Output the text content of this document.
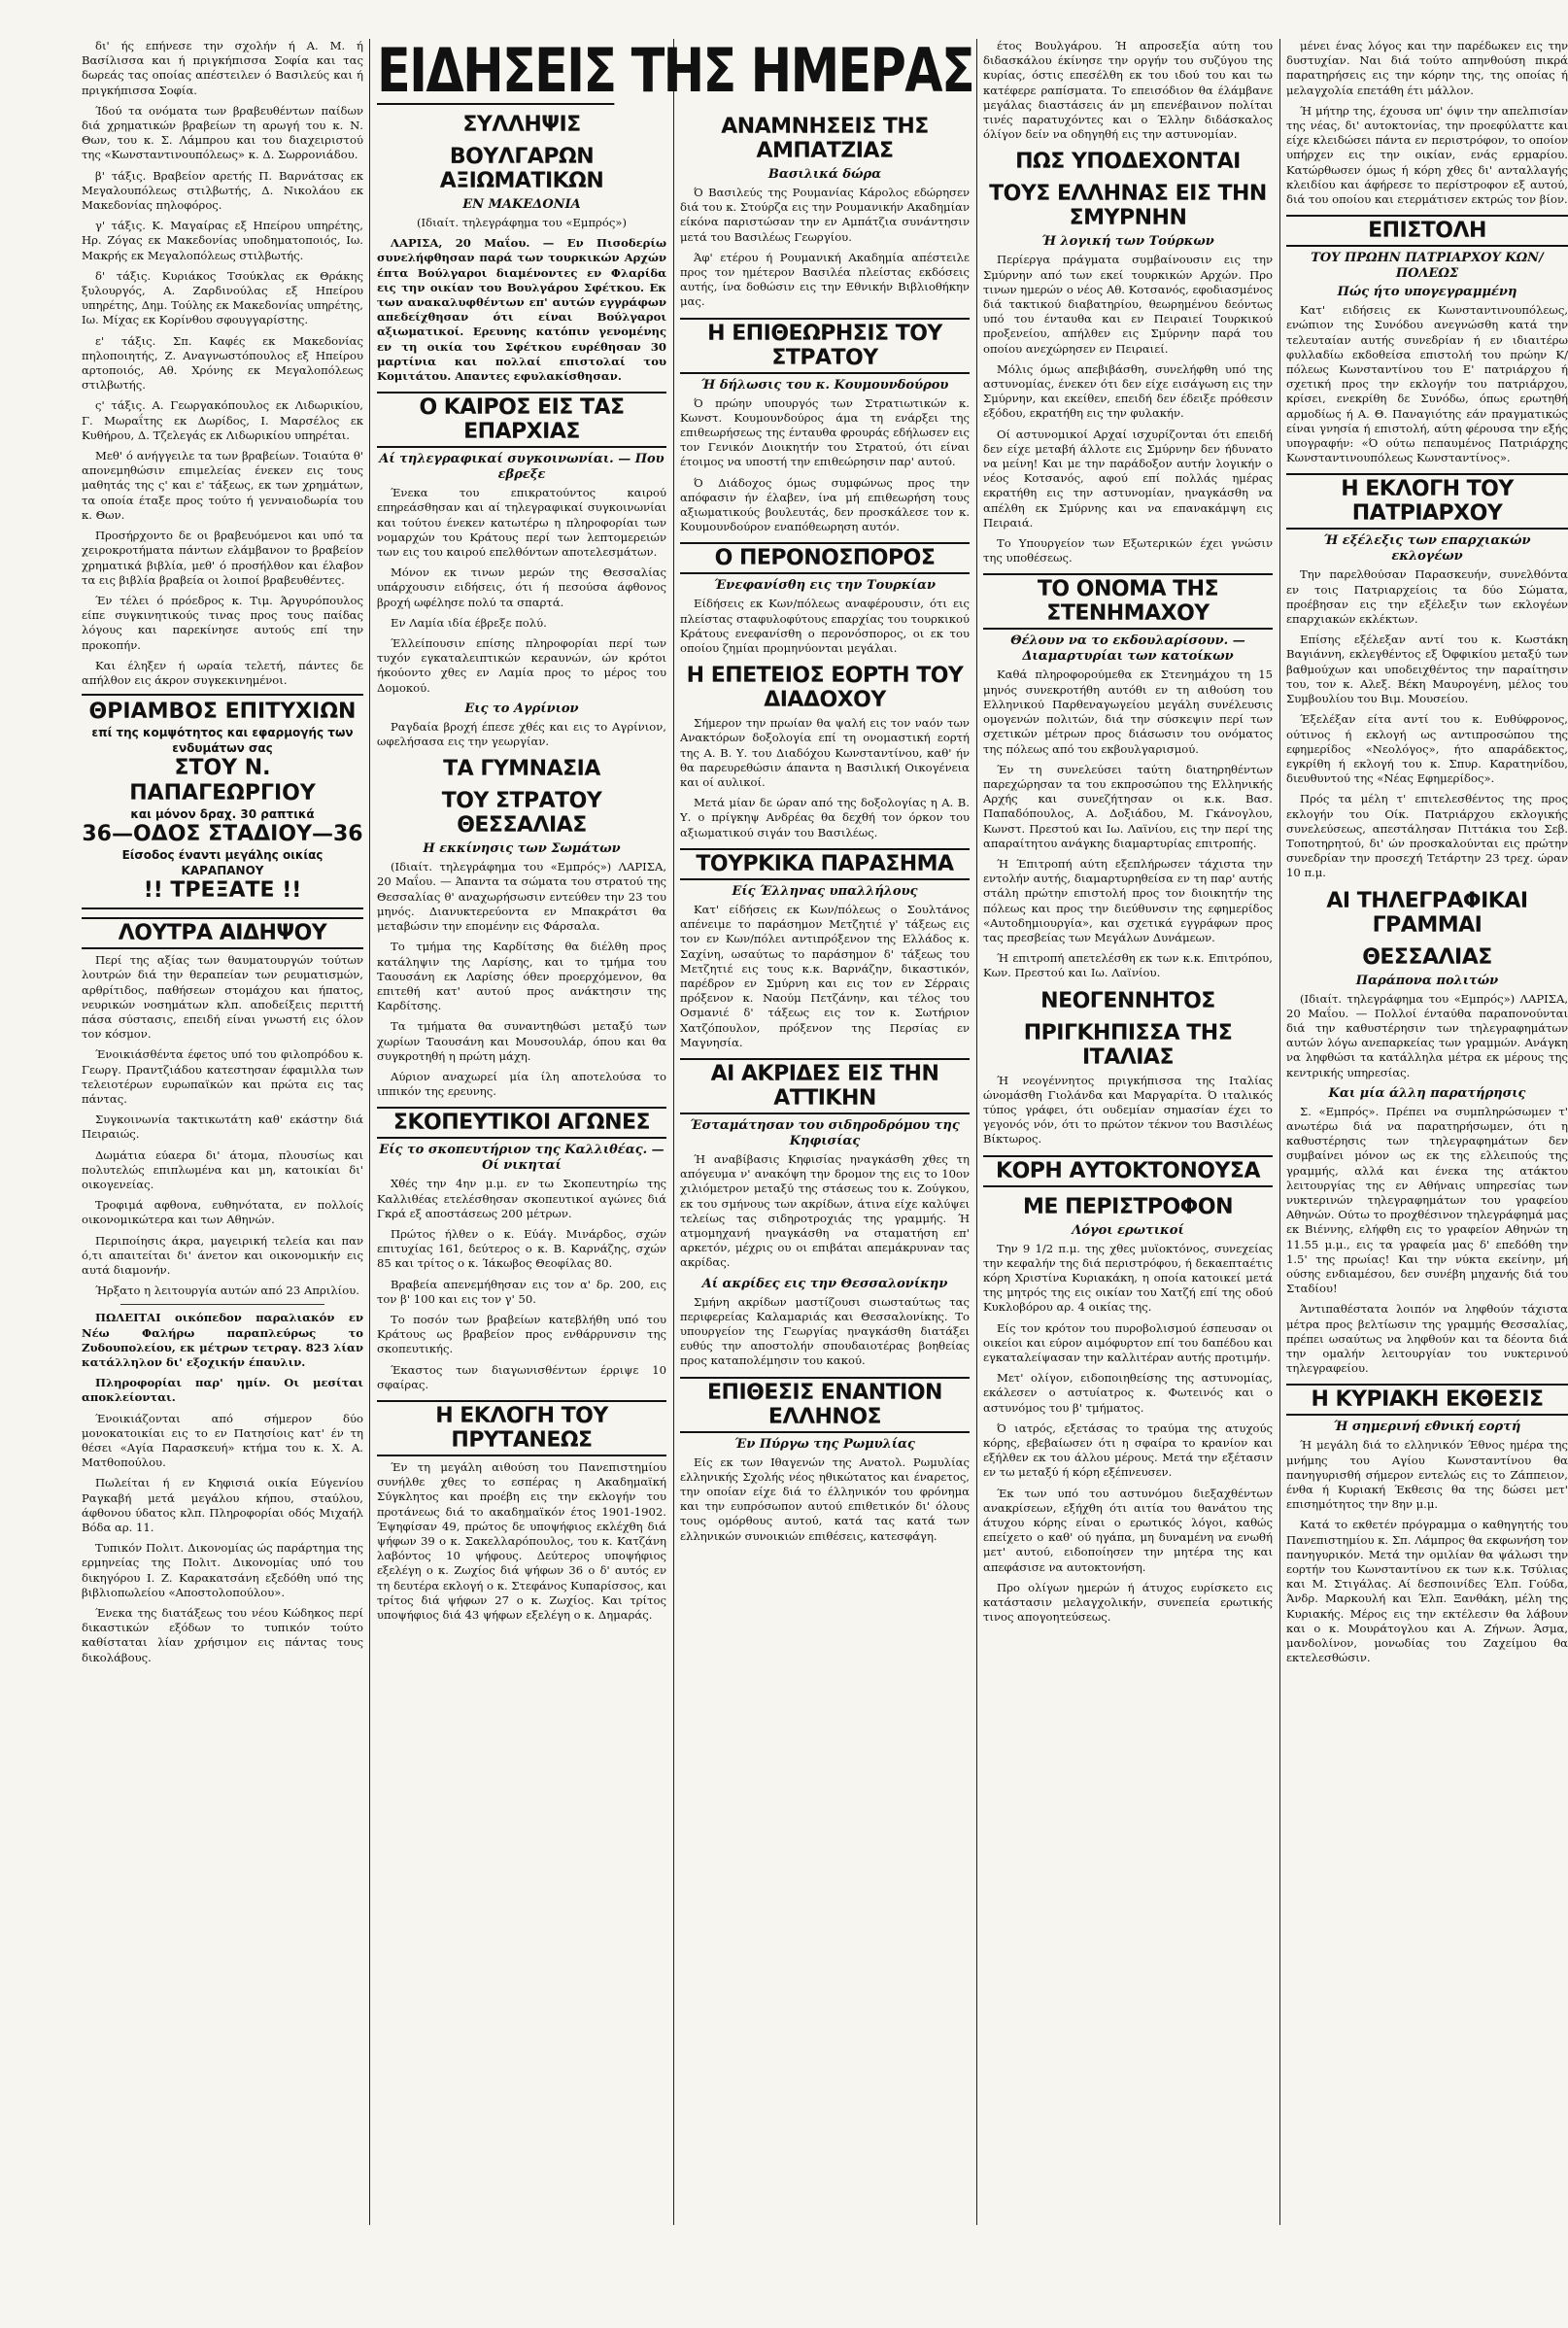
δι' ής επήνεσε την σχολήν ή Α. Μ. ή Βασίλισσα και ή πριγκήπισσα Σοφία και τας δωρεάς τας οποίας απέστειλεν ό Βασιλεύς και ή πριγκήπισσα Σοφία.

Ίδού τα ονόματα των βραβευθέντων παίδων διά χρηματικών βραβείων τη αρωγή του κ. Ν. Θων, του κ. Σ. Λάμπρου και του διαχειριστού της «Κωνσταντινουπόλεως» κ. Δ. Σωρρονιάδου.

β' τάξις. Βραβείον αρετής Π. Βαρνάτσας εκ Μεγαλουπόλεως στιλβωτής, Δ. Νικολάου εκ Μακεδονίας πηλοφόρος.

γ' τάξις. Κ. Μαγαίρας εξ Ηπείρου υπηρέτης, Ηρ. Ζόγας εκ Μακεδονίας υποδηματοποιός, Ιω. Μακρής εκ Μεγαλοπόλεως στιλβωτής.

δ' τάξις. Κυριάκος Τσούκλας εκ Θράκης ξυλουργός, Α. Ζαρδινούλας εξ Ηπείρου υπηρέτης, Δημ. Τούλης εκ Μακεδονίας υπηρέτης, Ιω. Μίχας εκ Κορίνθου σφουγγαρίστης.

ε' τάξις. Σπ. Καφές εκ Μακεδονίας πηλοποιητής, Ζ. Αναγνωστόπουλος εξ Ηπείρου αρτοποιός, Αθ. Χρόνης εκ Μεγαλοπόλεως στιλβωτής.

ς' τάξις. Α. Γεωργακόπουλος εκ Λιδωρικίου, Γ. Μωραΐτης εκ Δωρίδος, Ι. Μαρσέλος εκ Κυθήρου, Δ. Τζελεγάς εκ Λιδωρικίου υπηρέται.

Μεθ' ό ανήγγειλε τα των βραβείων. Τοιαύτα θ' απονεμηθώσιν επιμελείας ένεκεν εις τους μαθητάς της ς' και ε' τάξεως, εκ των χρημάτων, τα οποία έταξε προς τούτο ή γενναιοδωρία του κ. Θων.

Προσήρχοντο δε οι βραβευόμενοι και υπό τα χειροκροτήματα πάντων ελάμβανον το βραβείον χρηματικά βιβλία, μεθ' ό προσήλθον και έλαβον τα εις βιβλία βραβεία οι λοιποί βραβευθέντες.

Έν τέλει ό πρόεδρος κ. Τιμ. Άργυρόπουλος είπε συγκινητικούς τινας προς τους παίδας λόγους και παρεκίνησε αυτούς επί την προκοπήν.

Και έληξεν ή ωραία τελετή, πάντες δε απήλθον εις άκρον συγκεκινημένοι.

ΘΡΙΑΜΒΟΣ ΕΠΙΤΥΧΙΩΝ
επί της κομψότητος και εφαρμογής των ενδυμάτων σας
ΣΤΟΥ Ν. ΠΑΠΑΓΕΩΡΓΙΟΥ
και μόνον δραχ. 30 ραπτικά
36—ΟΔΟΣ ΣΤΑΔΙΟΥ—36
Είσοδος έναντι μεγάλης οικίας ΚΑΡΑΠΑΝΟΥ
!! ΤΡΕΞΑΤΕ !!
ΛΟΥΤΡΑ ΑΙΔΗΨΟΥ

Περί της αξίας των θαυματουργών τούτων λουτρών διά την θεραπείαν των ρευματισμών, αρθρίτιδος, παθήσεων στομάχου και ήπατος, νευρικών νοσημάτων κλπ. αποδείξεις περιττή πάσα σύστασις, επειδή είναι γνωστή εις όλον τον κόσμον.

Ένοικιάσθέντα έφετος υπό του φιλοπρόδου κ. Γεωργ. Πραντζιάδου κατεστησαν έφαμιλλα των τελειοτέρων ευρωπαϊκών και πρώτα εις τας πάντας.

Συγκοινωνία τακτικωτάτη καθ' εκάστην διά Πειραιώς.

Δωμάτια εύαερα δι' άτομα, πλουσίως και πολυτελώς επιπλωμένα και μη, κατοικίαι δι' οικογενείας.

Τροφιμά αφθονα, ευθηνότατα, εν πολλοίς οικονομικώτερα και των Αθηνών.

Περιποίησις άκρα, μαγειρική τελεία και παν ό,τι απαιτείται δι' άνετον και οικονομικήν εις αυτά διαμονήν.

Ήρξατο η λειτουργία αυτών από 23 Απριλίου.

ΠΩΛΕΙΤΑΙ οικόπεδον παραλιακόν εν Νέω Φαλήρω παραπλεύρως το Ζυδουπολείου, εκ μέτρων τετραγ. 823 λίαν κατάλληλον δι' εξοχικήν έπαυλιν.

Πληροφορίαι παρ' ημίν. Οι μεσίται αποκλείονται.

Ένοικιάζονται από σήμερον δύο μονοκατοικίαι εις το εν Πατησίοις κατ' έν τη θέσει «Αγία Παρασκευή» κτήμα του κ. Χ. Α. Ματθοπούλου.

Πωλείται ή εν Κηφισιά οικία Εύγενίου Ραγκαβή μετά μεγάλου κήπου, σταύλου, άφθονου ύδατος κλπ. Πληροφορίαι οδός Μιχαήλ Βόδα αρ. 11.

Τυπικόν Πολιτ. Δικονομίας ώς παράρτημα της ερμηνείας της Πολιτ. Δικονομίας υπό του δικηγόρου Ι. Ζ. Καρακατσάνη εξεδόθη υπό της βιβλιοπωλείου «Αποστολοπούλου».

Ένεκα της διατάξεως του νέου Κώδηκος περί δικαστικών εξόδων το τυπικόν τούτο καθίσταται λίαν χρήσιμον εις πάντας τους δικολάβους.

ΕΙΔΗΣΕΙΣ ΤΗΣ ΗΜΕΡΑΣ
ΣΥΛΛΗΨΙΣ
ΒΟΥΛΓΑΡΩΝ ΑΞΙΩΜΑΤΙΚΩΝ
ΕΝ ΜΑΚΕΔΟΝΙΑ

(Ιδιαίτ. τηλεγράφημα του «Εμπρός»)

ΛΑΡΙΣΑ, 20 Μαΐου. — Εν Πισοδερίω συνελήφθησαν παρά των τουρκικών Αρχών έπτα Βούλγαροι διαμένοντες εν Φλαρίδα εις την οικίαν του Βουλγάρου Σφέτκου. Εκ των ανακαλυφθέντων επ' αυτών εγγράφων απεδείχθησαν ότι είναι Βούλγαροι αξιωματικοί. Ερευνης κατόπιν γενομένης εν τη οικία του Σφέτκου ευρέθησαν 30 μαρτίνια και πολλαί επιστολαί του Κομιτάτου. Απαντες εφυλακίσθησαν.

Ο ΚΑΙΡΟΣ ΕΙΣ ΤΑΣ ΕΠΑΡΧΙΑΣ
Αί τηλεγραφικαί συγκοινωνίαι. — Που εβρεξε

Ένεκα του επικρατούντος καιρού επηρεάσθησαν και αί τηλεγραφικαί συγκοινωνίαι και τούτου ένεκεν κατωτέρω η πληροφορίαι των νομαρχών του Κράτους περί των λεπτομερειών των εις του καιρού επελθόντων αποτελεσμάτων.

Μόνον εκ τινων μερών της Θεσσαλίας υπάρχουσιν ειδήσεις, ότι ή πεσούσα άφθονος βροχή ωφέλησε πολύ τα σπαρτά.

Εν Λαμία ιδία έβρεξε πολύ.

Έλλείπουσιν επίσης πληροφορίαι περί των τυχόν εγκαταλειπτικών κεραυνών, ών κρότοι ήκούοντο χθες εν Λαμία προς το μέρος του Δομοκού.

Εις το Αγρίνιον

Ραγδαία βροχή έπεσε χθές και εις το Αγρίνιον, ωφελήσασα εις την γεωργίαν.

ΤΑ ΓΥΜΝΑΣΙΑ
ΤΟΥ ΣΤΡΑΤΟΥ ΘΕΣΣΑΛΙΑΣ
Η εκκίνησις των Σωμάτων

(Ιδιαίτ. τηλεγράφημα του «Εμπρός») ΛΑΡΙΣΑ, 20 Μαΐου. — Άπαντα τα σώματα του στρατού της Θεσσαλίας θ' αναχωρήσωσιν εντεύθεν την 23 του μηνός. Διανυκτερεύοντα εν Μπακράτσι θα μεταβώσιν την επομένην εις Φάρσαλα.

Το τμήμα της Καρδίτσης θα διέλθη προς κατάληψιν της Λαρίσης, και το τμήμα του Ταουσάνη εκ Λαρίσης όθεν προερχόμενον, θα επιτεθή κατ' αυτού προς ανάκτησιν της Καρδίτσης.

Τα τμήματα θα συναντηθώσι μεταξύ των χωρίων Ταουσάνη και Μουσουλάρ, όπου και θα συγκροτηθή η πρώτη μάχη.

Αύριον αναχωρεί μία ίλη αποτελούσα το ιππικόν της ερευνης.

ΣΚΟΠΕΥΤΙΚΟΙ ΑΓΩΝΕΣ
Είς το σκοπευτήριον της Καλλιθέας. — Οί νικηταί

Χθές την 4ην μ.μ. εν τω Σκοπευτηρίω της Καλλιθέας ετελέσθησαν σκοπευτικοί αγώνες διά Γκρά εξ αποστάσεως 200 μέτρων.

Πρώτος ήλθεν ο κ. Εύάγ. Μινάρδος, σχών επιτυχίας 161, δεύτερος ο κ. Β. Καρνάζης, σχών 85 και τρίτος ο κ. Ίάκωβος Θεοφίλας 80.

Βραβεία απενεμήθησαν εις τον α' δρ. 200, εις τον β' 100 και εις τον γ' 50.

Το ποσόν των βραβείων κατεβλήθη υπό του Κράτους ως βραβείον προς ενθάρρυνσιν της σκοπευτικής.

Έκαστος των διαγωνισθέντων έρριψε 10 σφαίρας.

Η ΕΚΛΟΓΗ ΤΟΥ ΠΡΥΤΑΝΕΩΣ

Έν τη μεγάλη αιθούση του Πανεπιστημίου συνήλθε χθες το εσπέρας η Ακαδημαϊκή Σύγκλητος και προέβη εις την εκλογήν του προτάνεως διά το ακαδημαϊκόν έτος 1901-1902. Έψηφίσαν 49, πρώτος δε υποψήφιος εκλέχθη διά ψήφων 39 ο κ. Σακελλαρόπουλος, του κ. Κατζάνη λαβόντος 10 ψήφους. Δεύτερος υποψήφιος εξελέγη ο κ. Ζωχίος διά ψήφων 36 ο δ' αυτός εν τη δευτέρα εκλογή ο κ. Στεφάνος Κυπαρίσσος, και τρίτος διά ψήφων 27 ο κ. Ζωχίος. Και τρίτος υποψήφιος διά 43 ψήφων εξελέγη ο κ. Δημαράς.

ΑΝΑΜΝΗΣΕΙΣ ΤΗΣ ΑΜΠΑΤΖΙΑΣ
Βασιλικά δώρα

Ό Βασιλεύς της Ρουμανίας Κάρολος εδώρησεν διά του κ. Στούρζα εις την Ρουμανικήν Ακαδημίαν είκόνα παριστώσαν την εν Αμπάτζια συνάντησιν μετά του Βασιλέως Γεωργίου.

Άφ' ετέρου ή Ρουμανική Ακαδημία απέστειλε προς τον ημέτερον Βασιλέα πλείστας εκδόσεις αυτής, ίνα δοθώσιν εις την Εθνικήν Βιβλιοθήκην μας.

Η ΕΠΙΘΕΩΡΗΣΙΣ ΤΟΥ ΣΤΡΑΤΟΥ
Ή δήλωσις του κ. Κουμουνδούρου

Ό πρώην υπουργός των Στρατιωτικών κ. Κωνστ. Κουμουνδούρος άμα τη ενάρξει της επιθεωρήσεως της ένταυθα φρουράς εδήλωσεν εις τον Γενικόν Διοικητήν του Στρατού, ότι είναι έτοιμος να υποστή την επιθεώρησιν παρ' αυτού.

Ό Διάδοχος όμως συμφώνως προς την απόφασιν ήν έλαβεν, ίνα μή επιθεωρήση τους αξιωματικούς βουλευτάς, δεν προσκάλεσε τον κ. Κουμουνδούρον εναπόθεωρηση αυτόν.

Ο ΠΕΡΟΝΟΣΠΟΡΟΣ
Ένεφανίσθη εις την Τουρκίαν

Είδήσεις εκ Κων/πόλεως αναφέρουσιν, ότι εις πλείστας σταφυλοφύτους επαρχίας του τουρκικού Κράτους ενεφανίσθη ο περονόσπορος, οι εκ του οποίου ζημίαι προμηνύονται μεγάλαι.

Η ΕΠΕΤΕΙΟΣ ΕΟΡΤΗ ΤΟΥ ΔΙΑΔΟΧΟΥ

Σήμερον την πρωίαν θα ψαλή εις τον ναόν των Ανακτόρων δοξολογία επί τη ονομαστική εορτή της Α. Β. Υ. του Διαδόχου Κωνσταντίνου, καθ' ήν θα παρευρεθώσιν άπαντα η Βασιλική Οικογένεια και οί αυλικοί.

Μετά μίαν δε ώραν από της δοξολογίας η Α. Β. Υ. ο πρίγκηψ Ανδρέας θα δεχθή τον όρκον του αξιωματικού σιγάν του Βασιλέως.

ΤΟΥΡΚΙΚΑ ΠΑΡΑΣΗΜΑ
Είς Έλληνας υπαλλήλους

Κατ' είδήσεις εκ Κων/πόλεως ο Σουλτάνος απένειμε το παράσημον Μετζητιέ γ' τάξεως εις τον εν Κων/πόλει αντιπρόξενον της Ελλάδος κ. Σαχίνη, ωσαύτως το παράσημον δ' τάξεως του Μετζητιέ εις τους κ.κ. Βαρνάζην, δικαστικόν, παρέδρον εν Σμύρνη και εις τον εν Σέρραις πρόξενον κ. Ναούμ Πετζάνην, και τέλος του Οσμανιέ δ' τάξεως εις τον κ. Σωτήριον Χατζόπουλον, πρόξενον της Περσίας εν Μαγνησία.

ΑΙ ΑΚΡΙΔΕΣ ΕΙΣ ΤΗΝ ΑΤΤΙΚΗΝ
Έσταμάτησαν του σιδηροδρόμου της Κηφισίας

Ή αναβίβασις Κηφισίας ηναγκάσθη χθες τη απόγευμα ν' ανακόψη την δρομον της εις το 10ον χιλιόμετρον μεταξύ της στάσεως του κ. Ζούγκου, εκ του σμήνους των ακρίδων, άτινα είχε καλύψει τελείως τας σιδηροτροχιάς της γραμμής. Ή ατμομηχανή ηναγκάσθη να σταματήση επ' αρκετόν, μέχρις ου οι επιβάται απεμάκρυναν τας ακρίδας.

Αί ακρίδες εις την Θεσσαλονίκην

Σμήνη ακρίδων μαστίζουσι σιωσταύτως τας περιφερείας Καλαμαριάς και Θεσσαλονίκης. Το υπουργείον της Γεωργίας ηναγκάσθη διατάξει ευθύς την αποστολήν σπουδαιοτέρας βοηθείας προς καταπολέμησιν του κακού.

ΕΠΙΘΕΣΙΣ ΕΝΑΝΤΙΟΝ ΕΛΛΗΝΟΣ
Έν Πύργω της Ρωμυλίας

Είς εκ των Ιθαγενών της Ανατολ. Ρωμυλίας ελληνικής Σχολής νέος ηθικώτατος και έναρετος, την οποίαν είχε διά το έλληνικόν του φρόνημα και την ευπρόσωπον αυτού επιθετικόν δι' όλους τους ομόρθους αυτού, κατά τας κατά των ελληνικών συνοικιών επιθέσεις, κατεσφάγη.

έτος Βουλγάρου. Ή απροσεξία αύτη του διδασκάλου έκίνησε την οργήν του συζύγου της κυρίας, όστις επεσέλθη εκ του ιδού του και τω κατέφερε ραπίσματα. Το επεισόδιον θα έλάμβανε μεγάλας διαστάσεις άν μη επενέβαινον πολίται τινές παρατυχόντες και ο Έλλην διδάσκαλος όλίγον δείν να οδηγηθή εις την αστυνομίαν.

ΠΩΣ ΥΠΟΔΕΧΟΝΤΑΙ
ΤΟΥΣ ΕΛΛΗΝΑΣ ΕΙΣ ΤΗΝ ΣΜΥΡΝΗΝ
Ή λογική των Τούρκων

Περίεργα πράγματα συμβαίνουσιν εις την Σμύρνην από των εκεί τουρκικών Αρχών. Προ τινων ημερών ο νέος Αθ. Κοτσανός, εφοδιασμένος διά τακτικού διαβατηρίου, θεωρημένου δεόντως υπό του ένταυθα και εν Πειραιεί Τουρκικού προξενείου, απήλθεν εις Σμύρνην παρά του οποίου ανεχώρησεν εν Πειραιεί.

Μόλις όμως απεβιβάσθη, συνελήφθη υπό της αστυνομίας, ένεκεν ότι δεν είχε εισάγωση εις την Σμύρνην, και εκείθεν, επειδή δεν έδειξε πρόθεσιν εξόδου, εκρατήθη εις την φυλακήν.

Οί αστυνομικοί Αρχαί ισχυρίζονται ότι επειδή δεν είχε μεταβή άλλοτε εις Σμύρνην δεν ήδυνατο να μείνη! Και με την παράδοξον αυτήν λογικήν ο νέος Κοτσανός, αφού επί πολλάς ημέρας εκρατήθη εις την αστυνομίαν, ηναγκάσθη να απέλθη εκ Σμύρνης και να επανακάμψη εις Πειραιά.

Το Υπουργείον των Εξωτερικών έχει γνώσιν της υποθέσεως.

ΤΟ ΟΝΟΜΑ ΤΗΣ ΣΤΕΝΗΜΑΧΟΥ
Θέλουν να το εκδουλαρίσουν. — Διαμαρτυρίαι των κατοίκων

Καθά πληροφορούμεθα εκ Στενημάχου τη 15 μηνός συνεκροτήθη αυτόθι εν τη αιθούση του Ελληνικού Παρθεναγωγείου μεγάλη συνέλευσις ομογενών πολιτών, διά την σύσκεψιν περί των σχετικών μέτρων προς διάσωσιν του ονόματος της πόλεως από του εκβουλγαρισμού.

Έν τη συνελεύσει ταύτη διατηρηθέντων παρεχώρησαν τα του εκπροσώπου της Ελληνικής Αρχής και συνεζήτησαν οι κ.κ. Βασ. Παπαδόπουλος, Α. Δοξιάδου, Μ. Γκάνογλου, Κωνστ. Πρεστού και Ιω. Λαϊνίου, εις την περί της απαραίτητου ανάγκης διαμαρτυρίας επιτροπής.

Ή Έπιτροπή αύτη εξεπλήρωσεν τάχιστα την εντολήν αυτής, διαμαρτυρηθείσα εν τη παρ' αυτής στάλη πρώτην επιστολή προς τον διοικητήν της πόλεως και προς την διεύθυνσιν της εφημερίδος «Αυτοδημιουργία», και σχετικά εγγράφων προς τας πρεσβείας των Μεγάλων Δυνάμεων.

Ή επιτροπή απετελέσθη εκ των κ.κ. Επιτρόπου, Κων. Πρεστού και Ιω. Λαϊνίου.

ΝΕΟΓΕΝΝΗΤΟΣ
ΠΡΙΓΚΗΠΙΣΣΑ ΤΗΣ ΙΤΑΛΙΑΣ

Ή νεογέννητος πριγκήπισσα της Ιταλίας ώνομάσθη Γιολάνδα και Μαργαρίτα. Ό ιταλικός τύπος γράφει, ότι ουδεμίαν σημασίαν έχει το γεγονός νόν, ότι το πρώτον τέκνον του Βασιλέως Βίκτωρος.

ΚΟΡΗ ΑΥΤΟΚΤΟΝΟΥΣΑ
ΜΕ ΠΕΡΙΣΤΡΟΦΟΝ
Λόγοι ερωτικοί

Την 9 1/2 π.μ. της χθες μυϊοκτόνος, συνεχείας την κεφαλήν της διά περιστρόφου, ή δεκαεπταέτις κόρη Χριστίνα Κυριακάκη, η οποία κατοικεί μετά της μητρός της εις οικίαν του Χατζή επί της οδού Κυκλοβόρου αρ. 4 οικίας της.

Είς τον κρότον του πυροβολισμού έσπευσαν οι οικείοι και εύρον αιμόφυρτον επί του δαπέδου και εγκαταλείψασαν την καλλιτέραν αυτής προτιμήν.

Μετ' ολίγον, ειδοποιηθείσης της αστυνομίας, εκάλεσεν ο αστυίατρος κ. Φωτεινός και ο αστυνόμος του β' τμήματος.

Ό ιατρός, εξετάσας το τραύμα της ατυχούς κόρης, εβεβαίωσεν ότι η σφαίρα το κρανίον και εξήλθεν εκ του άλλου μέρους. Μετά την εξέτασιν εν τω μεταξύ ή κόρη εξέπνευσεν.

Έκ των υπό του αστυνόμου διεξαχθέντων ανακρίσεων, εξήχθη ότι αιτία του θανάτου της άτυχου κόρης είναι ο ερωτικός λόγοι, καθώς επείχετο ο καθ' ού ηγάπα, μη δυναμένη να ενωθή μετ' αυτού, ειδοποίησεν την μητέρα της και απεφάσισε να αυτοκτονήση.

Προ ολίγων ημερών ή άτυχος ευρίσκετο εις κατάστασιν μελαγχολικήν, συνεπεία ερωτικής τινος απογοητεύσεως.

μένει ένας λόγος και την παρέδωκεν εις την δυστυχίαν. Ναι διά τούτο απηνθούση πικρά παρατηρήσεις εις την κόρην της, της οποίας ή μελαγχολία επετάθη έτι μάλλον.

Ή μήτηρ της, έχουσα υπ' όψιν την απελπισίαν της νέας, δι' αυτοκτονίας, την προεφύλαττε και είχε κλειδώσει πάντα εν περιστρόφον, το οποίον υπήρχεν εις την οικίαν, ενάς ερμαρίου. Κατώρθωσεν όμως ή κόρη χθες δι' ανταλλαγής κλειδίου και άφήρεσε το περίστροφον εξ αυτού, διά του οποίου και ετερμάτισεν εκτρώς τον βίον.

ΕΠΙΣΤΟΛΗ
ΤΟΥ ΠΡΩΗΝ ΠΑΤΡΙΑΡΧΟΥ ΚΩΝ/ΠΟΛΕΩΣ
Πώς ήτο υπογεγραμμένη

Κατ' ειδήσεις εκ Κωνσταντινουπόλεως, ενώπιον της Συνόδου ανεγνώσθη κατά την τελευταίαν αυτής συνεδρίαν ή εν ιδιαιτέρω φυλλαδίω εκδοθείσα επιστολή του πρώην Κ/πόλεως Κωνσταντίνου του Ε' πατριάρχου ή σχετική προς την εκλογήν του πατριάρχου, κρίσει, ενεκρίθη δε Συνόδω, όπως ερωτηθή αρμοδίως ή Α. Θ. Παναγιότης εάν πραγματικώς είναι γνησία ή επιστολή, αύτη φέρουσα την εξής υπογραφήν: «Ό ούτω πεπαυμένος Πατριάρχης Κωνσταντινουπόλεως Κωνσταντίνος».

Η ΕΚΛΟΓΗ ΤΟΥ ΠΑΤΡΙΑΡΧΟΥ
Ή εξέλεξις των επαρχιακών εκλογέων

Την παρελθούσαν Παρασκευήν, συνελθόντα εν τοις Πατριαρχείοις τα δύο Σώματα, προέβησαν εις την εξέλεξιν των εκλογέων επαρχιακών εκλέκτων.

Επίσης εξέλεξαν αντί του κ. Κωστάκη Βαγιάννη, εκλεγθέντος εξ Όφφικίου μεταξύ των βαθμούχων και υποδειχθέντος την παραίτησιν του, τον κ. Αλεξ. Βέκη Μαυρογένη, μέλος του Συμβουλίου του Βιμ. Μουσείου.

Έξελέξαν είτα αντί του κ. Ευθύφρονος, ούτινος ή εκλογή ως αντιπροσώπου της εφημερίδος «Νεολόγος», ήτο απαράδεκτος, εγκρίθη ή εκλογή του κ. Σπυρ. Καρατηνίδου, διευθυντού της «Νέας Εφημερίδος».

Πρός τα μέλη τ' επιτελεσθέντος της προς εκλογήν του Οίκ. Πατριάρχου εκλογικής συνελεύσεως, απεστάλησαν Πιττάκια του Σεβ. Τοποτηρητού, δι' ών προσκαλούνται εις πρώτην συνεδρίαν την προσεχή Τετάρτην 23 τρεχ. ώραν 10 π.μ.

ΑΙ ΤΗΛΕΓΡΑΦΙΚΑΙ ΓΡΑΜΜΑΙ
ΘΕΣΣΑΛΙΑΣ
Παράπονα πολιτών

(Ιδιαίτ. τηλεγράφημα του «Εμπρός») ΛΑΡΙΣΑ, 20 Μαΐου. — Πολλοί ένταύθα παραπονούνται διά την καθυστέρησιν των τηλεγραφημάτων αυτών λόγω ανεπαρκείας των γραμμών. Ανάγκη να ληφθώσι τα κατάλληλα μέτρα εκ μέρους της κεντρικής υπηρεσίας.

Και μία άλλη παρατήρησις

Σ. «Εμπρός». Πρέπει να συμπληρώσωμεν τ' ανωτέρω διά να παρατηρήσωμεν, ότι η καθυστέρησις των τηλεγραφημάτων δεν συμβαίνει μόνον ως εκ της ελλειπούς της γραμμής, αλλά και ένεκα της ατάκτου λειτουργίας της εν Αθήναις υπηρεσίας των νυκτερινών τηλεγραφημάτων του γραφείου Αθηνών. Ούτω το προχθέσινον τηλεγράφημά μας εκ Βιέννης, ελήφθη εις το γραφείον Αθηνών τη 11.55 μ.μ., εις τα γραφεία μας δ' επεδόθη την 1.5' της πρωίας! Και την νύκτα εκείνην, μή ούσης ενδιαμέσου, δεν συνέβη μηχανής διά του Σταδίου!

Άντιπαθέστατα λοιπόν να ληφθούν τάχιστα μέτρα προς βελτίωσιν της γραμμής Θεσσαλίας, πρέπει ωσαύτως να ληφθούν και τα δέοντα διά την ομαλήν λειτουργίαν του νυκτερινού τηλεγραφείου.

Η ΚΥΡΙΑΚΗ ΕΚΘΕΣΙΣ
Ή σημερινή εθνική εορτή

Ή μεγάλη διά το ελληνικόν Έθνος ημέρα της μνήμης του Αγίου Κωνσταντίνου θα πανηγυρισθή σήμερον εντελώς εις το Ζάππειον, ένθα ή Κυριακή Έκθεσις θα της δώσει μετ' επισημότητος την 8ην μ.μ.

Κατά το εκθετέν πρόγραμμα ο καθηγητής του Πανεπιστημίου κ. Σπ. Λάμπρος θα εκφωνήση τον πανηγυρικόν. Μετά την ομιλίαν θα ψάλωσι την εορτήν του Κωνσταντίνου εκ των κ.κ. Τσύλιας και Μ. Στιγάλας. Αί δεσποινίδες Έλπ. Γούδα, Άνδρ. Μαρκουλή και Έλπ. Ξανθάκη, μέλη της Κυριακής. Μέρος εις την εκτέλεσιν θα λάβουν και ο κ. Μουράτογλου και Α. Ζήνων. Άσμα, μανδολίνον, μονωδίας του Ζαχείμου θα εκτελεσθώσιν.
